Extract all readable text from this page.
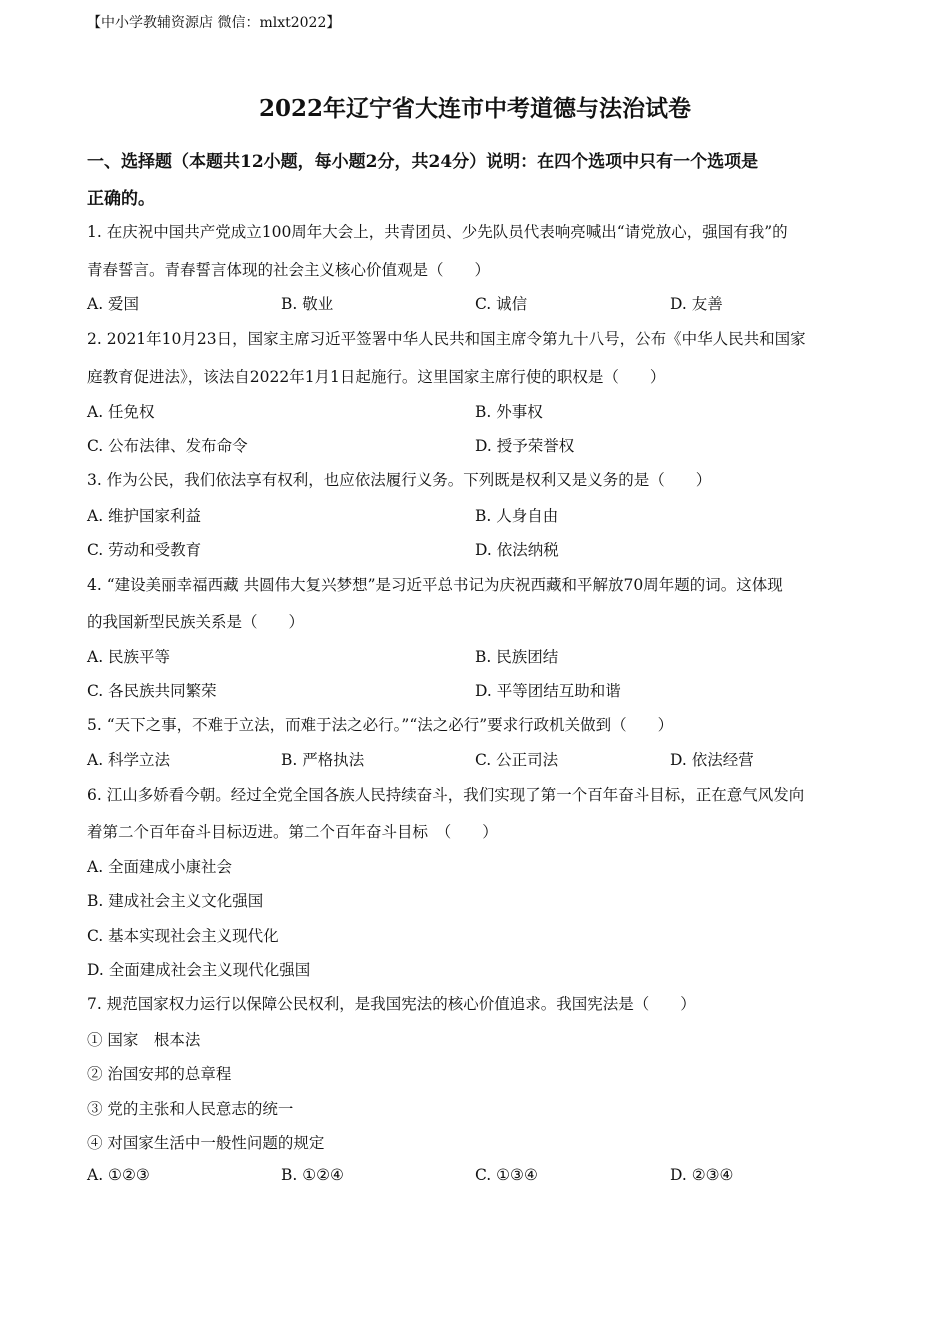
【中小学教辅资源店 微信：mlxt2022】
2022年辽宁省大连市中考道德与法治试卷
一、选择题（本题共12小题，每小题2分，共24分）说明：在四个选项中只有一个选项是
正确的。
1. 在庆祝中国共产党成立100周年大会上，共青团员、少先队员代表响亮喊出“请党放心，强国有我”的
青春誓言。青春誓言体现的社会主义核心价值观是（　　）
A. 爱国	B. 敬业	C. 诚信	D. 友善
2. 2021年10月23日，国家主席习近平签署中华人民共和国主席令第九十八号，公布《中华人民共和国家
庭教育促进法》，该法自2022年1月1日起施行。这里国家主席行使的职权是（　　）
A. 任免权	B. 外事权
C. 公布法律、发布命令	D. 授予荣誉权
3. 作为公民，我们依法享有权利，也应依法履行义务。下列既是权利又是义务的是（　　）
A. 维护国家利益	B. 人身自由
C. 劳动和受教育	D. 依法纳税
4. “建设美丽幸福西藏 共圆伟大复兴梦想”是习近平总书记为庆祝西藏和平解放70周年题的词。这体现
的我国新型民族关系是（　　）
A. 民族平等	B. 民族团结
C. 各民族共同繁荣	D. 平等团结互助和谐
5. “天下之事，不难于立法，而难于法之必行。”“法之必行”要求行政机关做到（　　）
A. 科学立法	B. 严格执法	C. 公正司法	D. 依法经营
6. 江山多娇看今朝。经过全党全国各族人民持续奋斗，我们实现了第一个百年奋斗目标，正在意气风发向
着第二个百年奋斗目标迈进。第二个百年奋斗目标　（　　）
A. 全面建成小康社会
B. 建成社会主义文化强国
C. 基本实现社会主义现代化
D. 全面建成社会主义现代化强国
7. 规范国家权力运行以保障公民权利，是我国宪法的核心价值追求。我国宪法是（　　）
① 国家　根本法
② 治国安邦的总章程
③ 党的主张和人民意志的统一
④ 对国家生活中一般性问题的规定
A. ①②③	B. ①②④	C. ①③④	D. ②③④
